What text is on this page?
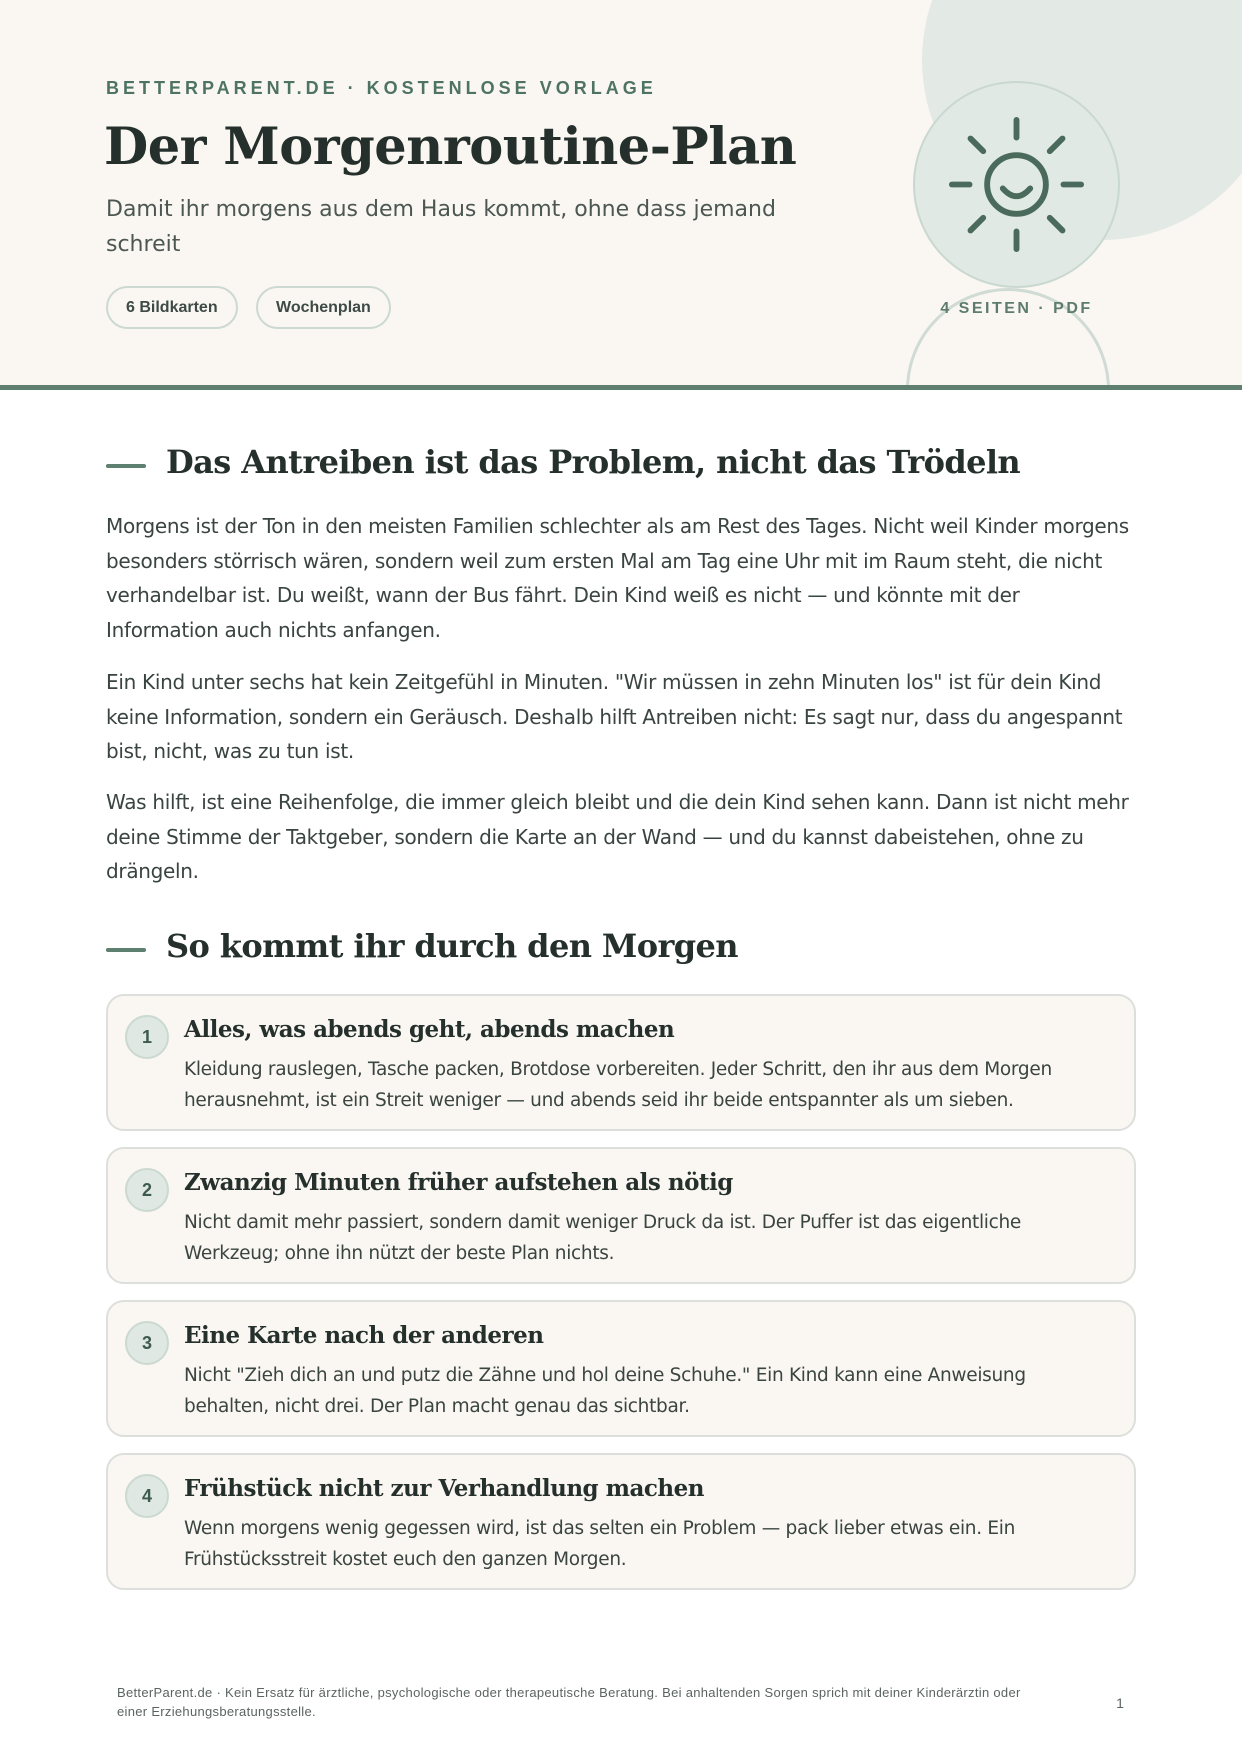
BETTERPARENT.DE · KOSTENLOSE VORLAGE
Der Morgenroutine-Plan
Damit ihr morgens aus dem Haus kommt, ohne dass jemand schreit
6 Bildkarten	Wochenplan	4 SEITEN · PDF
Das Antreiben ist das Problem, nicht das Trödeln

Morgens ist der Ton in den meisten Familien schlechter als am Rest des Tages. Nicht weil Kinder morgens besonders störrisch wären, sondern weil zum ersten Mal am Tag eine Uhr mit im Raum steht, die nicht verhandelbar ist. Du weißt, wann der Bus fährt. Dein Kind weiß es nicht — und könnte mit der Information auch nichts anfangen.

Ein Kind unter sechs hat kein Zeitgefühl in Minuten. "Wir müssen in zehn Minuten los" ist für dein Kind keine Information, sondern ein Geräusch. Deshalb hilft Antreiben nicht: Es sagt nur, dass du angespannt bist, nicht, was zu tun ist.

Was hilft, ist eine Reihenfolge, die immer gleich bleibt und die dein Kind sehen kann. Dann ist nicht mehr deine Stimme der Taktgeber, sondern die Karte an der Wand — und du kannst dabeistehen, ohne zu drängeln.

So kommt ihr durch den Morgen
1	Alles, was abends geht, abends machen

Kleidung rauslegen, Tasche packen, Brotdose vorbereiten. Jeder Schritt, den ihr aus dem Morgen herausnehmt, ist ein Streit weniger — und abends seid ihr beide entspannter als um sieben.

2	Zwanzig Minuten früher aufstehen als nötig

Nicht damit mehr passiert, sondern damit weniger Druck da ist. Der Puffer ist das eigentliche Werkzeug; ohne ihn nützt der beste Plan nichts.

3	Eine Karte nach der anderen

Nicht "Zieh dich an und putz die Zähne und hol deine Schuhe." Ein Kind kann eine Anweisung behalten, nicht drei. Der Plan macht genau das sichtbar.

4	Frühstück nicht zur Verhandlung machen

Wenn morgens wenig gegessen wird, ist das selten ein Problem — pack lieber etwas ein. Ein Frühstücksstreit kostet euch den ganzen Morgen.

BetterParent.de · Kein Ersatz für ärztliche, psychologische oder therapeutische Beratung. Bei anhaltenden Sorgen sprich mit deiner Kinderärztin oder einer Erziehungsberatungsstelle.
1
